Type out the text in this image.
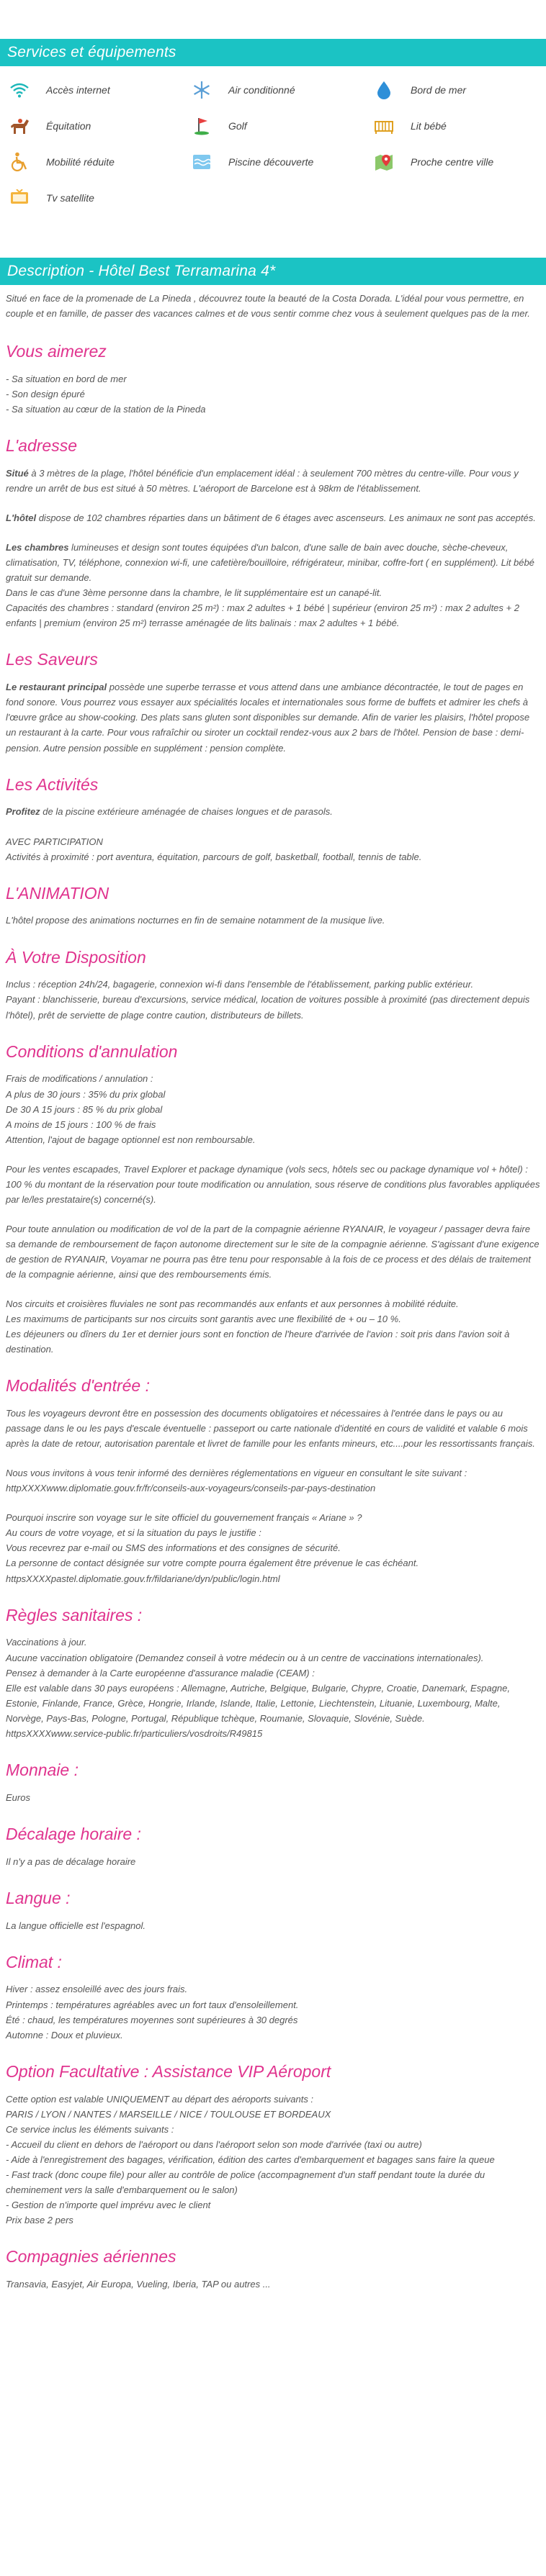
Services et équipements
Accès internet	Air conditionné	Bord de mer
Équitation	Golf	Lit bébé
Mobilité réduite	Piscine découverte	Proche centre ville
Tv satellite
Description - Hôtel Best Terramarina 4*

Situé en face de la promenade de La Pineda , découvrez toute la beauté de la Costa Dorada. L'idéal pour vous permettre, en couple et en famille, de passer des vacances calmes et de vous sentir comme chez vous à seulement quelques pas de la mer.

Vous aimerez

- Sa situation en bord de mer

- Son design épuré

- Sa situation au cœur de la station de la Pineda

L'adresse

Situé à 3 mètres de la plage, l'hôtel bénéficie d'un emplacement idéal : à seulement 700 mètres du centre-ville. Pour vous y rendre un arrêt de bus est situé à 50 mètres. L'aéroport de Barcelone est à 98km de l'établissement.

L'hôtel dispose de 102 chambres réparties dans un bâtiment de 6 étages avec ascenseurs. Les animaux ne sont pas acceptés.

Les chambres lumineuses et design sont toutes équipées d'un balcon, d'une salle de bain avec douche, sèche-cheveux, climatisation, TV, téléphone, connexion wi-fi, une cafetière/bouilloire, réfrigérateur, minibar, coffre-fort ( en supplément). Lit bébé gratuit sur demande.

Dans le cas d'une 3ème personne dans la chambre, le lit supplémentaire est un canapé-lit.

Capacités des chambres : standard (environ 25 m²) : max 2 adultes + 1 bébé | supérieur (environ 25 m²) : max 2 adultes + 2 enfants | premium (environ 25 m²) terrasse aménagée de lits balinais : max 2 adultes + 1 bébé.

Les Saveurs

Le restaurant principal possède une superbe terrasse et vous attend dans une ambiance décontractée, le tout de pages en fond sonore. Vous pourrez vous essayer aux spécialités locales et internationales sous forme de buffets et admirer les chefs à l'œuvre grâce au show-cooking. Des plats sans gluten sont disponibles sur demande. Afin de varier les plaisirs, l'hôtel propose un restaurant à la carte. Pour vous rafraîchir ou siroter un cocktail rendez-vous aux 2 bars de l'hôtel. Pension de base : demi-pension. Autre pension possible en supplément : pension complète.

Les Activités

Profitez de la piscine extérieure aménagée de chaises longues et de parasols.

AVEC PARTICIPATION

Activités à proximité : port aventura, équitation, parcours de golf, basketball, football, tennis de table.

L'ANIMATION

L'hôtel propose des animations nocturnes en fin de semaine notamment de la musique live.

À Votre Disposition

Inclus : réception 24h/24, bagagerie, connexion wi-fi dans l'ensemble de l'établissement, parking public extérieur.

Payant : blanchisserie, bureau d'excursions, service médical, location de voitures possible à proximité (pas directement depuis l'hôtel), prêt de serviette de plage contre caution, distributeurs de billets.

Conditions d'annulation

Frais de modifications / annulation :

A plus de 30 jours : 35% du prix global

De 30 A 15 jours : 85 % du prix global

A moins de 15 jours : 100 % de frais

Attention, l'ajout de bagage optionnel est non remboursable.

Pour les ventes escapades, Travel Explorer et package dynamique (vols secs, hôtels sec ou package dynamique vol + hôtel) : 100 % du montant de la réservation pour toute modification ou annulation, sous réserve de conditions plus favorables appliquées par le/les prestataire(s) concerné(s).

Pour toute annulation ou modification de vol de la part de la compagnie aérienne RYANAIR, le voyageur / passager devra faire sa demande de remboursement de façon autonome directement sur le site de la compagnie aérienne. S'agissant d'une exigence de gestion de RYANAIR, Voyamar ne pourra pas être tenu pour responsable à la fois de ce process et des délais de traitement de la compagnie aérienne, ainsi que des remboursements émis.

Nos circuits et croisières fluviales ne sont pas recommandés aux enfants et aux personnes à mobilité réduite.

Les maximums de participants sur nos circuits sont garantis avec une flexibilité de + ou – 10 %.

Les déjeuners ou dîners du 1er et dernier jours sont en fonction de l'heure d'arrivée de l'avion : soit pris dans l'avion soit à destination.

Modalités d'entrée :

Tous les voyageurs devront être en possession des documents obligatoires et nécessaires à l'entrée dans le pays ou au passage dans le ou les pays d'escale éventuelle : passeport ou carte nationale d'identité en cours de validité et valable 6 mois après la date de retour, autorisation parentale et livret de famille pour les enfants mineurs, etc....pour les ressortissants français.

Nous vous invitons à vous tenir informé des dernières réglementations en vigueur en consultant le site suivant : httpXXXXwww.diplomatie.gouv.fr/fr/conseils-aux-voyageurs/conseils-par-pays-destination

Pourquoi inscrire son voyage sur le site officiel du gouvernement français « Ariane » ?

Au cours de votre voyage, et si la situation du pays le justifie :

Vous recevrez par e-mail ou SMS des informations et des consignes de sécurité.

La personne de contact désignée sur votre compte pourra également être prévenue le cas échéant.

httpsXXXXpastel.diplomatie.gouv.fr/fildariane/dyn/public/login.html

Règles sanitaires :

Vaccinations à jour.

Aucune vaccination obligatoire (Demandez conseil à votre médecin ou à un centre de vaccinations internationales).

Pensez à demander à la Carte européenne d'assurance maladie (CEAM) :

Elle est valable dans 30 pays européens : Allemagne, Autriche, Belgique, Bulgarie, Chypre, Croatie, Danemark, Espagne, Estonie, Finlande, France, Grèce, Hongrie, Irlande, Islande, Italie, Lettonie, Liechtenstein, Lituanie, Luxembourg, Malte, Norvège, Pays-Bas, Pologne, Portugal, République tchèque, Roumanie, Slovaquie, Slovénie, Suède.

httpsXXXXwww.service-public.fr/particuliers/vosdroits/R49815

Monnaie :

Euros

Décalage horaire :

Il n'y a pas de décalage horaire

Langue :

La langue officielle est l'espagnol.

Climat :

Hiver : assez ensoleillé avec des jours frais.

Printemps : températures agréables avec un fort taux d'ensoleillement.

Été : chaud, les températures moyennes sont supérieures à 30 degrés

Automne : Doux et pluvieux.

Option Facultative : Assistance VIP Aéroport

Cette option est valable UNIQUEMENT au départ des aéroports suivants :

PARIS / LYON / NANTES / MARSEILLE / NICE / TOULOUSE ET BORDEAUX

Ce service inclus les éléments suivants :

- Accueil du client en dehors de l'aéroport ou dans l'aéroport selon son mode d'arrivée (taxi ou autre)

- Aide à l'enregistrement des bagages, vérification, édition des cartes d'embarquement et bagages sans faire la queue

- Fast track (donc coupe file) pour aller au contrôle de police (accompagnement d'un staff pendant toute la durée du cheminement vers la salle d'embarquement ou le salon)

- Gestion de n'importe quel imprévu avec le client

Prix base 2 pers

Compagnies aériennes

Transavia, Easyjet, Air Europa, Vueling, Iberia, TAP ou autres ...
